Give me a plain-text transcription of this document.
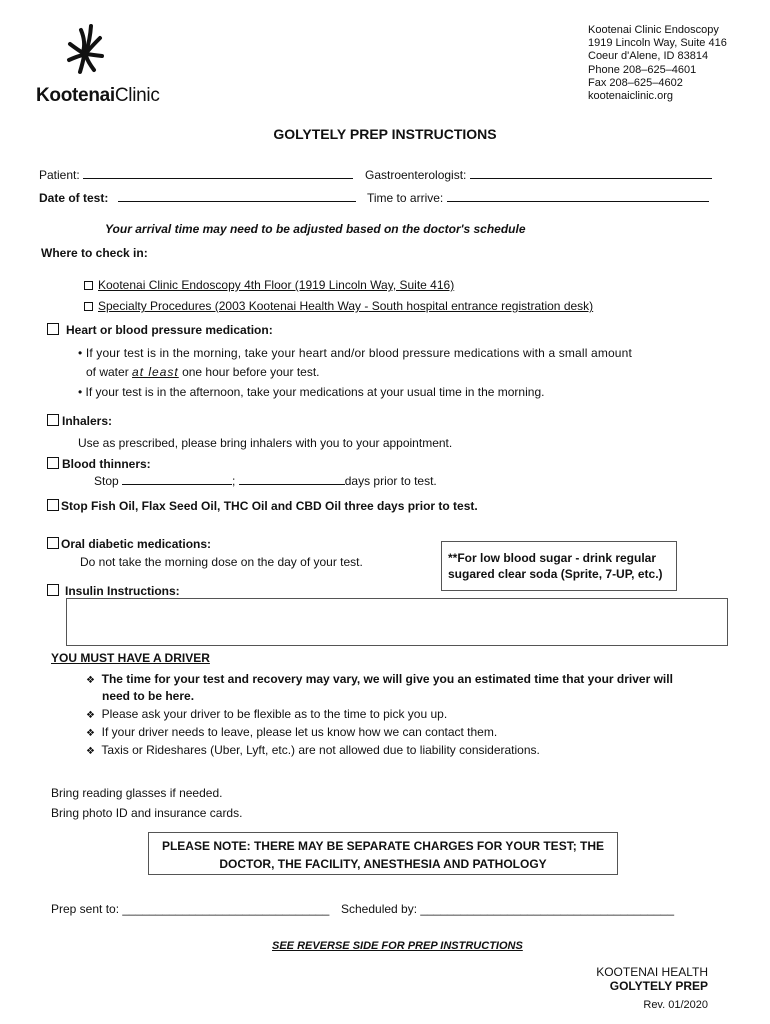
KootenaiClinic
Kootenai Clinic Endoscopy
1919 Lincoln Way, Suite 416
Coeur d'Alene, ID 83814
Phone 208–625–4601
Fax 208–625–4602
kootenaiclinic.org
GOLYTELY PREP INSTRUCTIONS
Patient:	Gastroenterologist:
Date of test:	Time to arrive:
Your arrival time may need to be adjusted based on the doctor's schedule
Where to check in:
Kootenai Clinic Endoscopy 4th Floor (1919 Lincoln Way, Suite 416)
Specialty Procedures (2003 Kootenai Health Way - South hospital entrance registration desk)
Heart or blood pressure medication:
• If your test is in the morning, take your heart and/or blood pressure medications with a small amount
of water at least one hour before your test.
• If your test is in the afternoon, take your medications at your usual time in the morning.
Inhalers:
Use as prescribed, please bring inhalers with you to your appointment.
Blood thinners:
Stop	;	days prior to test.
Stop Fish Oil, Flax Seed Oil, THC Oil and CBD Oil three days prior to test.
Oral diabetic medications:
Do not take the morning dose on the day of your test.	**For low blood sugar - drink regular
sugared clear soda (Sprite, 7-UP, etc.)
Insulin Instructions:
YOU MUST HAVE A DRIVER
❖ The time for your test and recovery may vary, we will give you an estimated time that your driver will
need to be here.
❖ Please ask your driver to be flexible as to the time to pick you up.
❖ If your driver needs to leave, please let us know how we can contact them.
❖ Taxis or Rideshares (Uber, Lyft, etc.) are not allowed due to liability considerations.
Bring reading glasses if needed.
Bring photo ID and insurance cards.
PLEASE NOTE: THERE MAY BE SEPARATE CHARGES FOR YOUR TEST; THE
DOCTOR, THE FACILITY, ANESTHESIA AND PATHOLOGY
Prep sent to: _______________________________ Scheduled by: ______________________________________
SEE REVERSE SIDE FOR PREP INSTRUCTIONS
KOOTENAI HEALTH
GOLYTELY PREP
Rev. 01/2020
